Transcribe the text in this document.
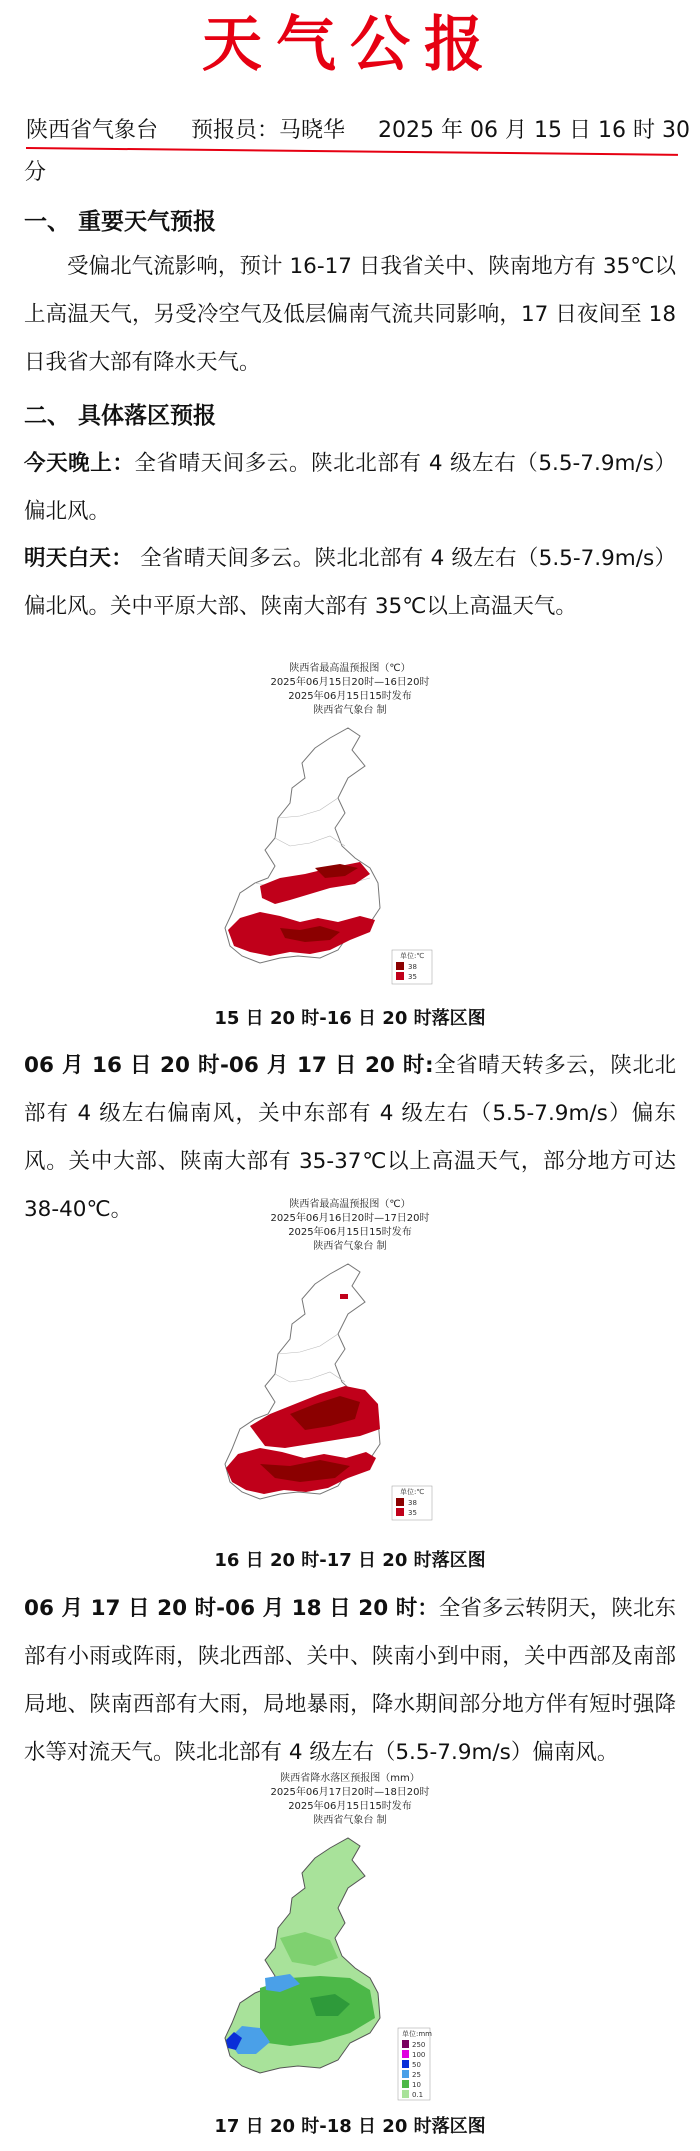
天气公报
陕西省气象台 预报员：马晓华 2025 年 06 月 15 日 16 时 30
分
一、 重要天气预报
受偏北气流影响，预计 16-17 日我省关中、陕南地方有 35℃以上高温天气，另受冷空气及低层偏南气流共同影响，17 日夜间至 18 日我省大部有降水天气。
二、 具体落区预报
今天晚上：全省晴天间多云。陕北北部有 4 级左右（5.5-7.9m/s）偏北风。
明天白天： 全省晴天间多云。陕北北部有 4 级左右（5.5-7.9m/s）偏北风。关中平原大部、陕南大部有 35℃以上高温天气。
陕西省最高温预报图（℃）
2025年06月15日20时—16日20时
2025年06月15日15时发布
陕西省气象台 制
单位:℃
38
35
15 日 20 时-16 日 20 时落区图
06 月 16 日 20 时-06 月 17 日 20 时:全省晴天转多云，陕北北部有 4 级左右偏南风，关中东部有 4 级左右（5.5-7.9m/s）偏东风。关中大部、陕南大部有 35-37℃以上高温天气，部分地方可达 38-40℃。	陕西省最高温预报图（℃）
2025年06月16日20时—17日20时
2025年06月15日15时发布
陕西省气象台 制
单位:℃
38
35
16 日 20 时-17 日 20 时落区图
06 月 17 日 20 时-06 月 18 日 20 时：全省多云转阴天，陕北东部有小雨或阵雨，陕北西部、关中、陕南小到中雨，关中西部及南部局地、陕南西部有大雨，局地暴雨，降水期间部分地方伴有短时强降水等对流天气。陕北北部有 4 级左右（5.5-7.9m/s）偏南风。
陕西省降水落区预报图（mm）
2025年06月17日20时—18日20时
2025年06月15日15时发布
陕西省气象台 制
单位:mm
250
100
50
25
10
0.1
17 日 20 时-18 日 20 时落区图
